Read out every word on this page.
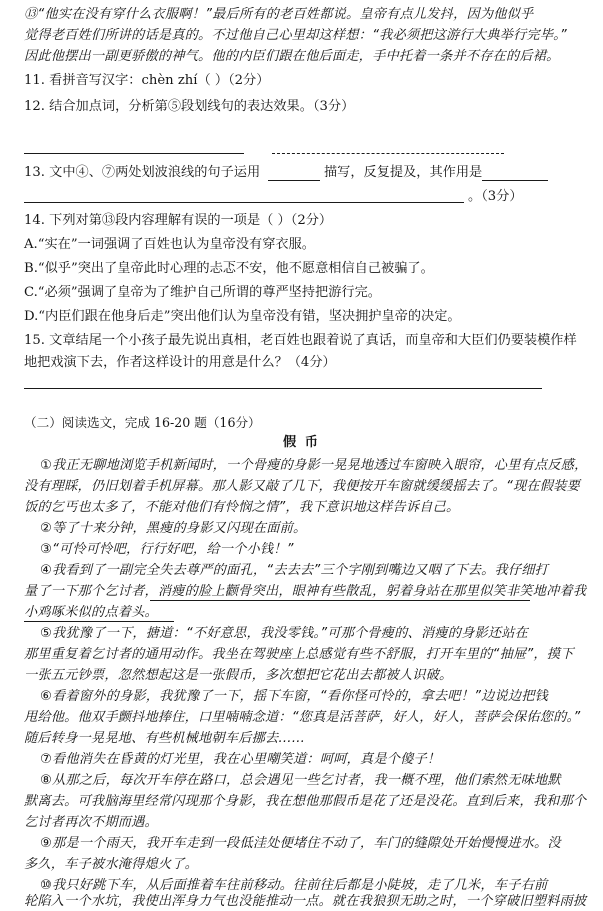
⑬“他实在没有穿什么衣服啊！”最后所有的老百姓都说。皇帝有点儿发抖，因为他似乎
觉得老百姓们所讲的话是真的。不过他自己心里却这样想：“我必须把这游行大典举行完毕。”
因此他摆出一副更骄傲的神气。他的内臣们跟在他后面走，手中托着一条并不存在的后裙。
11. 看拼音写汉字：chèn zhí（ ）（2分）
12. 结合加点词，分析第⑤段划线句的表达效果。（3分）
13. 文中④、⑦两处划波浪线的句子运用	描写，反复提及，其作用是
。（3分）
14. 下列对第⑬段内容理解有误的一项是（ ）（2分）
A.“实在”一词强调了百姓也认为皇帝没有穿衣服。
B.“似乎”突出了皇帝此时心理的忐忑不安，他不愿意相信自己被骗了。
C.“必须”强调了皇帝为了维护自己所谓的尊严坚持把游行完。
D.“内臣们跟在他身后走”突出他们认为皇帝没有错，坚决拥护皇帝的决定。
15. 文章结尾一个小孩子最先说出真相，老百姓也跟着说了真话，而皇帝和大臣们仍要装模作样
地把戏演下去，作者这样设计的用意是什么？（4分）
（二）阅读选文，完成 16-20 题（16分）
假 币
①我正无聊地浏览手机新闻时，一个骨瘦的身影一晃晃地透过车窗映入眼帘，心里有点反感，
没有理睬，仍旧划着手机屏幕。那人影又敲了几下，我便按开车窗就缓缓摇去了。“现在假装要
饭的乞丐也太多了，不能对他们有怜悯之情”，我下意识地这样告诉自己。
②等了十来分钟，黑瘦的身影又闪现在面前。
③“可怜可怜吧，行行好吧，给一个小钱！”
④我看到了一副完全失去尊严的面孔，“去去去”三个字刚到嘴边又咽了下去。我仔细打
量了一下那个乞讨者，消瘦的脸上颧骨突出，眼神有些散乱，躬着身站在那里似笑非笑地冲着我
小鸡啄米似的点着头。
⑤我犹豫了一下，搪道：“不好意思，我没零钱。”可那个骨瘦的、消瘦的身影还站在
那里重复着乞讨者的通用动作。我坐在驾驶座上总感觉有些不舒服，打开车里的“抽屉”，摸下
一张五元钞票，忽然想起这是一张假币，多次想把它花出去都被人识破。
⑥看着窗外的身影，我犹豫了一下，摇下车窗，“看你怪可怜的，拿去吧！”边说边把钱
甩给他。他双手颤抖地捧住，口里喃喃念道：“您真是活菩萨，好人，好人，菩萨会保佑您的。”
随后转身一晃晃地、有些机械地朝车后挪去……
⑦看他消失在昏黄的灯光里，我在心里嘲笑道：呵呵，真是个傻子！
⑧从那之后，每次开车停在路口，总会遇见一些乞讨者，我一概不理，他们索然无味地默
默离去。可我脑海里经常闪现那个身影，我在想他那假币是花了还是没花。直到后来，我和那个
乞讨者再次不期而遇。
⑨那是一个雨天，我开车走到一段低洼处便堵住不动了，车门的缝隙处开始慢慢进水。没
多久，车子被水淹得熄火了。
⑩我只好跳下车，从后面推着车往前移动。往前往后都是小陡坡，走了几米，车子右前
轮陷入一个水坑，我使出浑身力气也没能推动一点。就在我狼狈无助之时，一个穿破旧塑料雨披
